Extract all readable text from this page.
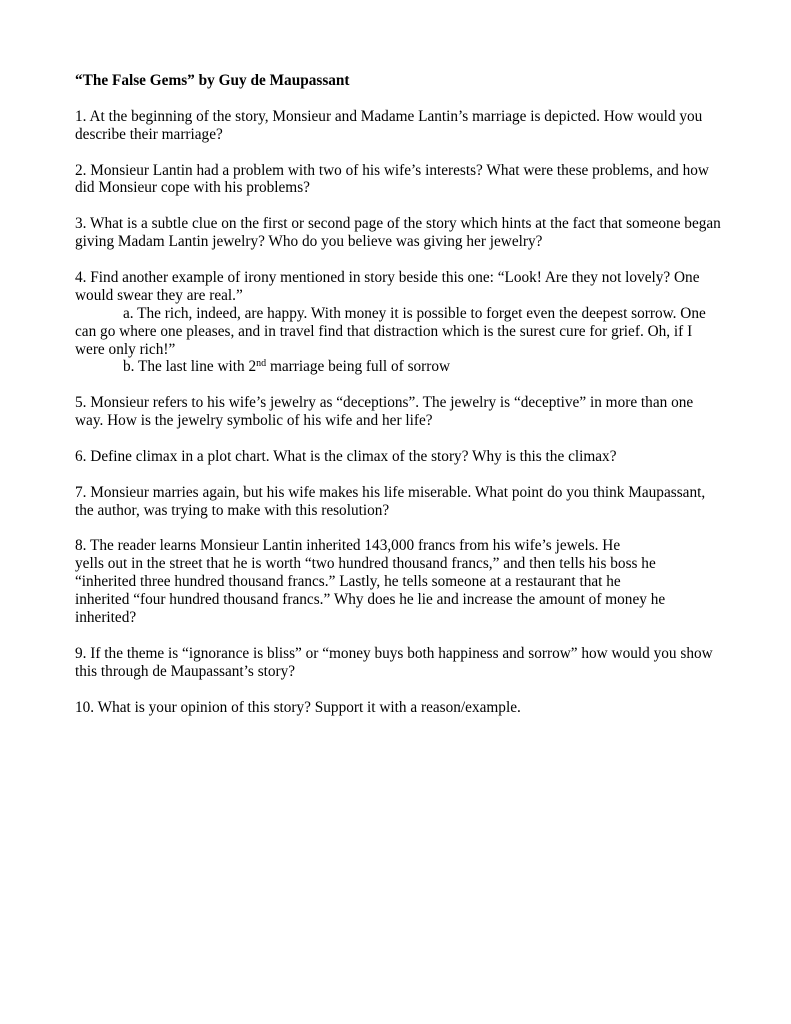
“The False Gems” by Guy de Maupassant

1. At the beginning of the story, Monsieur and Madame Lantin’s marriage is depicted. How would you describe their marriage?

2. Monsieur Lantin had a problem with two of his wife’s interests? What were these problems, and how did Monsieur cope with his problems?

3. What is a subtle clue on the first or second page of the story which hints at the fact that someone began giving Madam Lantin jewelry? Who do you believe was giving her jewelry?

4. Find another example of irony mentioned in story beside this one: “Look! Are they not lovely? One would swear they are real.”

a. The rich, indeed, are happy. With money it is possible to forget even the deepest sorrow. One can go where one pleases, and in travel find that distraction which is the surest cure for grief. Oh, if I were only rich!”

b. The last line with 2nd marriage being full of sorrow

5. Monsieur refers to his wife’s jewelry as “deceptions”. The jewelry is “deceptive” in more than one way. How is the jewelry symbolic of his wife and her life?

6. Define climax in a plot chart. What is the climax of the story? Why is this the climax?

7. Monsieur marries again, but his wife makes his life miserable. What point do you think Maupassant, the author, was trying to make with this resolution?

8. The reader learns Monsieur Lantin inherited 143,000 francs from his wife’s jewels. He

yells out in the street that he is worth “two hundred thousand francs,” and then tells his boss he

“inherited three hundred thousand francs.” Lastly, he tells someone at a restaurant that he

inherited “four hundred thousand francs.” Why does he lie and increase the amount of money he

inherited?

9. If the theme is “ignorance is bliss” or “money buys both happiness and sorrow” how would you show this through de Maupassant’s story?

10. What is your opinion of this story? Support it with a reason/example.
